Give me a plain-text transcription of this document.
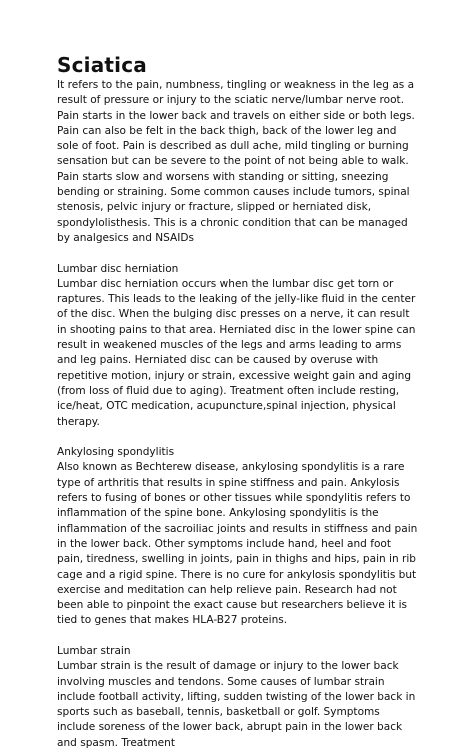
Sciatica

It refers to the pain, numbness, tingling or weakness in the leg as a result of pressure or injury to the sciatic nerve/lumbar nerve root. Pain starts in the lower back and travels on either side or both legs. Pain can also be felt in the back thigh, back of the lower leg and sole of foot. Pain is described as dull ache, mild tingling or burning sensation but can be severe to the point of not being able to walk. Pain starts slow and worsens with standing or sitting, sneezing bending or straining. Some common causes include tumors, spinal stenosis, pelvic injury or fracture, slipped or herniated disk, spondylolisthesis. This is a chronic condition that can be managed by analgesics and NSAIDs

Lumbar disc herniation

Lumbar disc herniation occurs when the lumbar disc get torn or raptures. This leads to the leaking of the jelly-like fluid in the center of the disc. When the bulging disc presses on a nerve, it can result in shooting pains to that area. Herniated disc in the lower spine can result in weakened muscles of the legs and arms leading to arms and leg pains. Herniated disc can be caused by overuse with repetitive motion, injury or strain, excessive weight gain and aging (from loss of fluid due to aging). Treatment often include resting, ice/heat, OTC medication, acupuncture,spinal injection, physical therapy.

Ankylosing spondylitis

Also known as Bechterew disease, ankylosing spondylitis is a rare type of arthritis that results in spine stiffness and pain. Ankylosis refers to fusing of bones or other tissues while spondylitis refers to inflammation of the spine bone. Ankylosing spondylitis is the inflammation of the sacroiliac joints and results in stiffness and pain in the lower back. Other symptoms include hand, heel and foot pain, tiredness, swelling in joints, pain in thighs and hips, pain in rib cage and a rigid spine. There is no cure for ankylosis spondylitis but exercise and meditation can help relieve pain. Research had not been able to pinpoint the exact cause but researchers believe it is tied to genes that makes HLA-B27 proteins.

Lumbar strain

Lumbar strain is the result of damage or injury to the lower back involving muscles and tendons. Some causes of lumbar strain include football activity, lifting, sudden twisting of the lower back in sports such as baseball, tennis, basketball or golf. Symptoms include soreness of the lower back, abrupt pain in the lower back and spasm. Treatment
